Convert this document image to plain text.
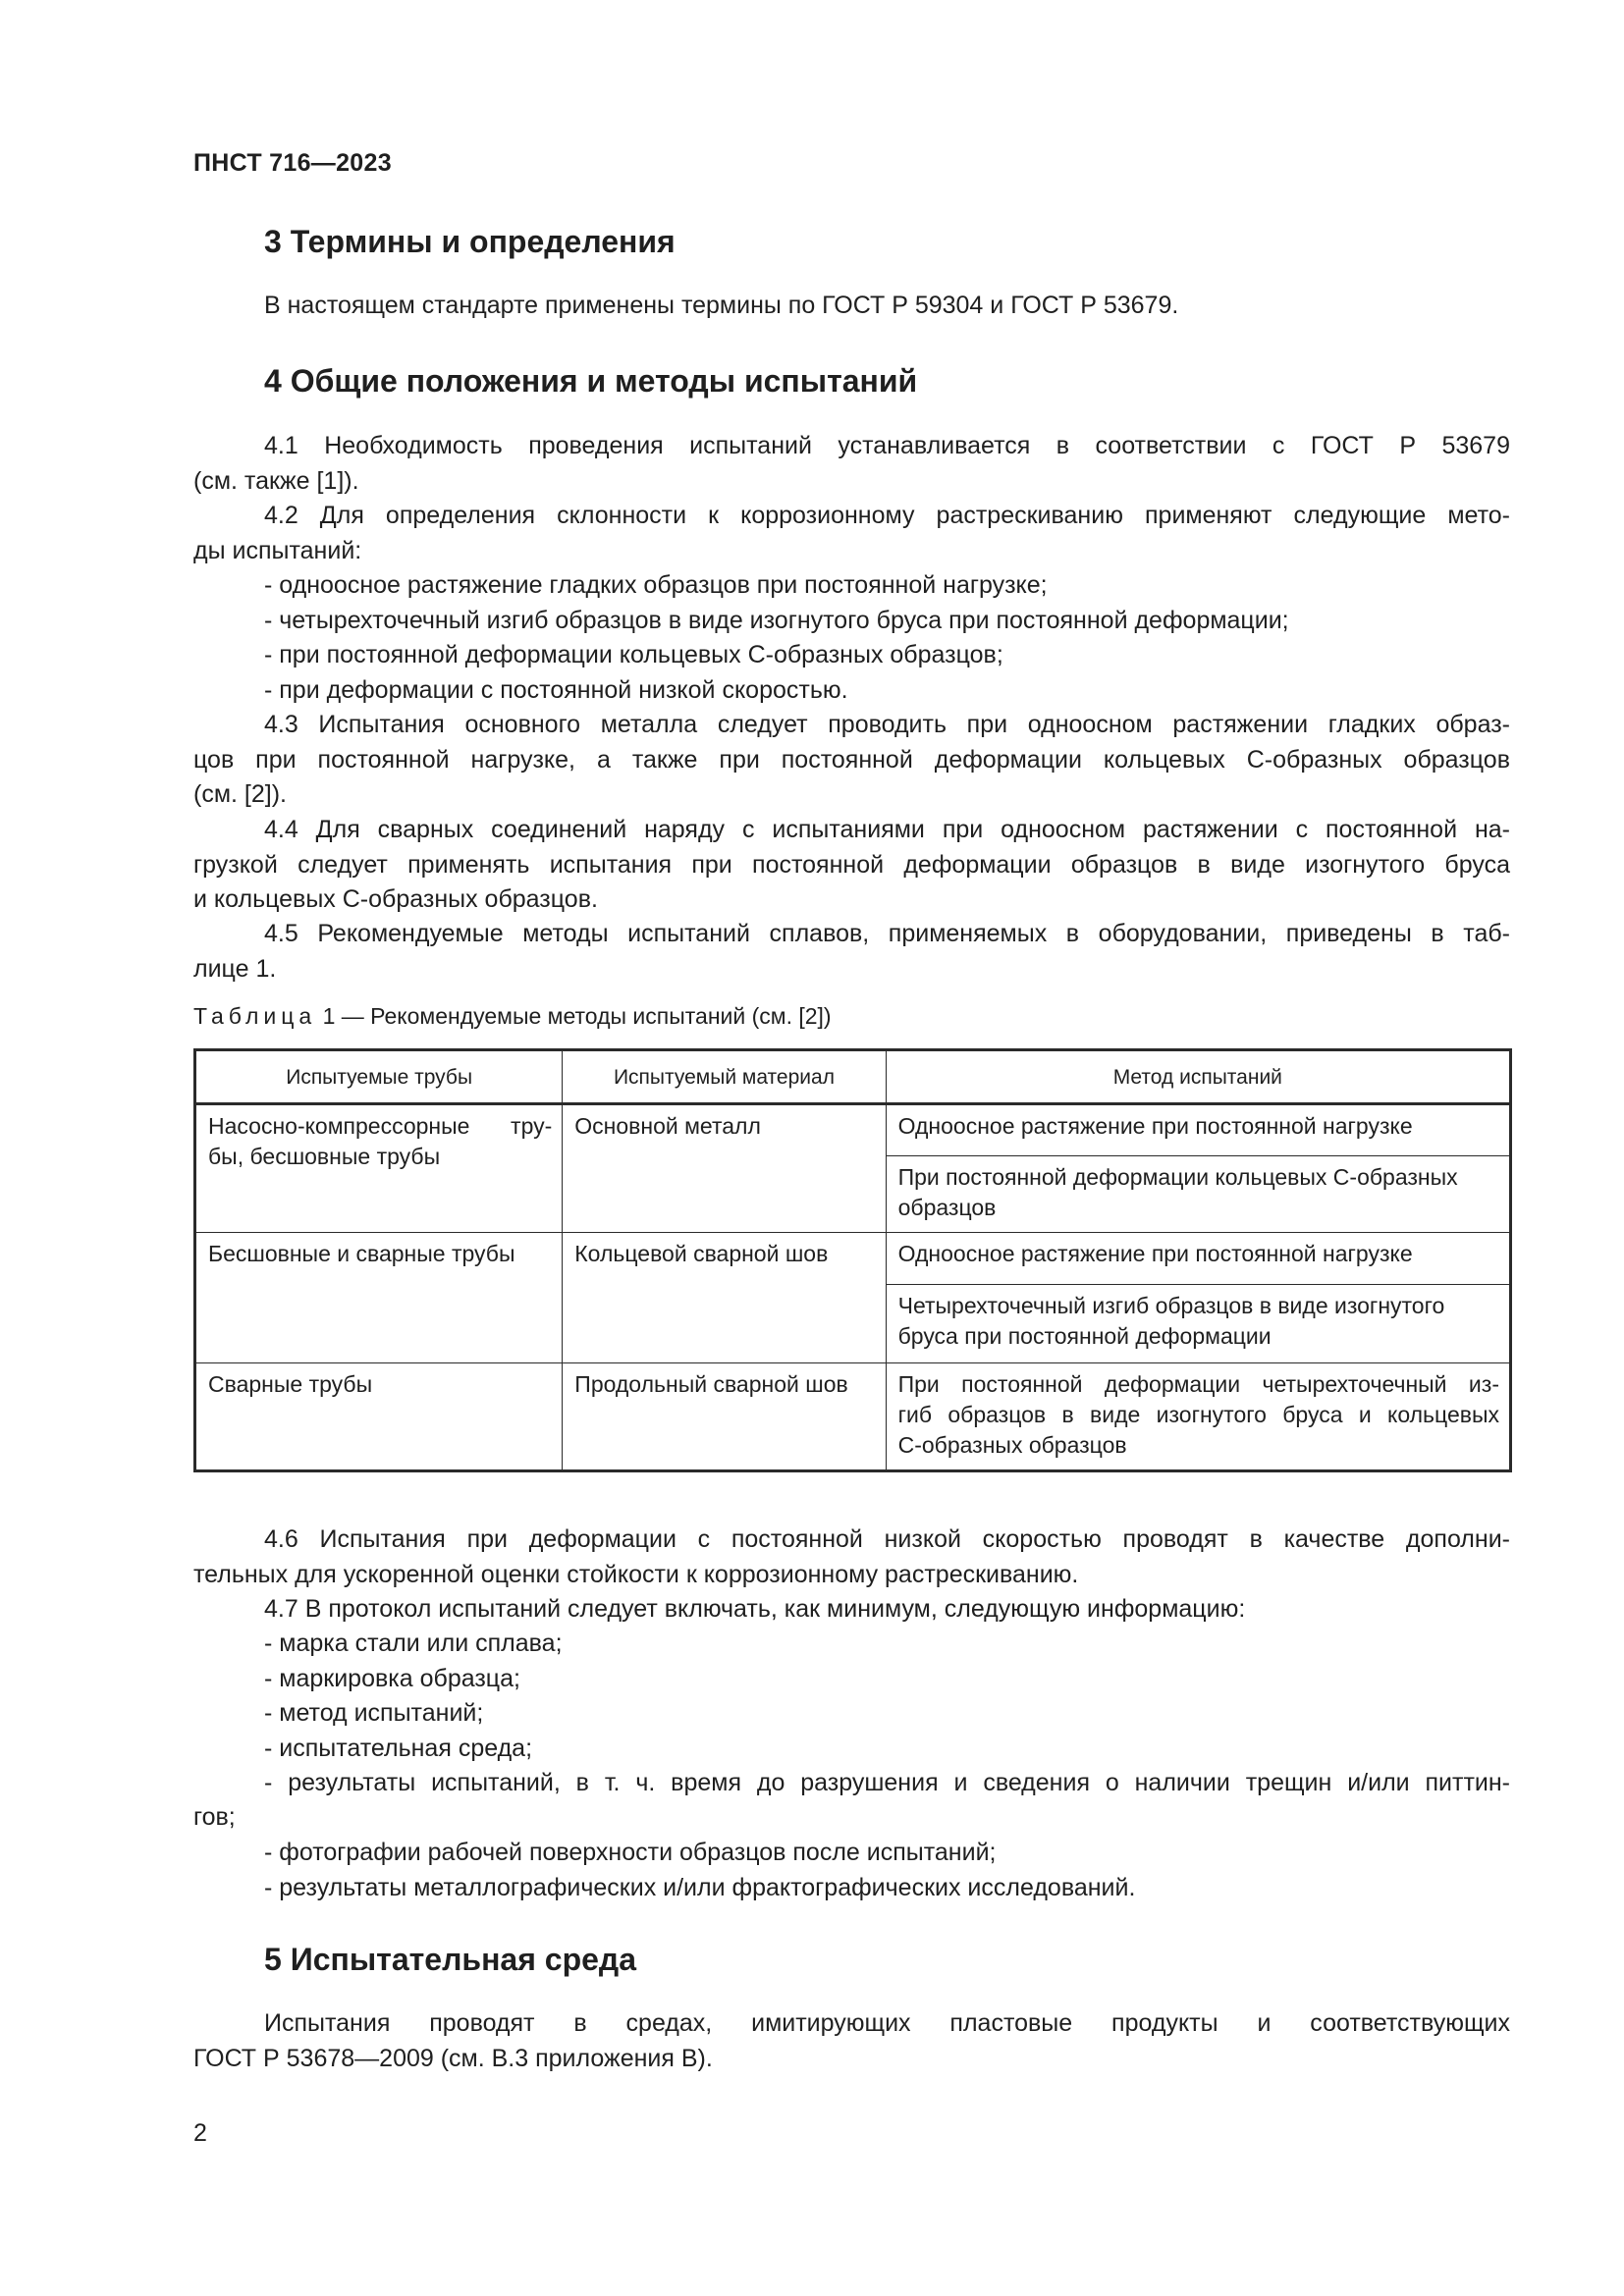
ПНСТ 716—2023
3 Термины и определения
В настоящем стандарте применены термины по ГОСТ Р 59304 и ГОСТ Р 53679.
4 Общие положения и методы испытаний
4.1 Необходимость проведения испытаний устанавливается в соответствии с ГОСТ Р 53679
(см. также [1]).
4.2 Для определения склонности к коррозионному растрескиванию применяют следующие мето-
ды испытаний:
- одноосное растяжение гладких образцов при постоянной нагрузке;
- четырехточечный изгиб образцов в виде изогнутого бруса при постоянной деформации;
- при постоянной деформации кольцевых С-образных образцов;
- при деформации с постоянной низкой скоростью.
4.3 Испытания основного металла следует проводить при одноосном растяжении гладких образ-
цов при постоянной нагрузке, а также при постоянной деформации кольцевых С-образных образцов
(см. [2]).
4.4 Для сварных соединений наряду с испытаниями при одноосном растяжении с постоянной на-
грузкой следует применять испытания при постоянной деформации образцов в виде изогнутого бруса
и кольцевых С-образных образцов.
4.5 Рекомендуемые методы испытаний сплавов, применяемых в оборудовании, приведены в таб-
лице 1.
Таблица 1 — Рекомендуемые методы испытаний (см. [2])
Испытуемые трубы	Испытуемый материал	Метод испытаний

Насосно-компрессорные тру-
бы, бесшовные трубы	Основной металл	Одноосное растяжение при постоянной нагрузке

		При постоянной деформации кольцевых С-образных
образцов

Бесшовные и сварные трубы	Кольцевой сварной шов	Одноосное растяжение при постоянной нагрузке

		Четырехточечный изгиб образцов в виде изогнутого
бруса при постоянной деформации

Сварные трубы	Продольный сварной шов	При постоянной деформации четырехточечный из-
гиб образцов в виде изогнутого бруса и кольцевых
С-образных образцов
4.6 Испытания при деформации с постоянной низкой скоростью проводят в качестве дополни-
тельных для ускоренной оценки стойкости к коррозионному растрескиванию.
4.7 В протокол испытаний следует включать, как минимум, следующую информацию:
- марка стали или сплава;
- маркировка образца;
- метод испытаний;
- испытательная среда;
- результаты испытаний, в т. ч. время до разрушения и сведения о наличии трещин и/или питтин-
гов;
- фотографии рабочей поверхности образцов после испытаний;
- результаты металлографических и/или фрактографических исследований.
5 Испытательная среда
Испытания проводят в средах, имитирующих пластовые продукты и соответствующих
ГОСТ Р 53678—2009 (см. В.3 приложения В).
2
